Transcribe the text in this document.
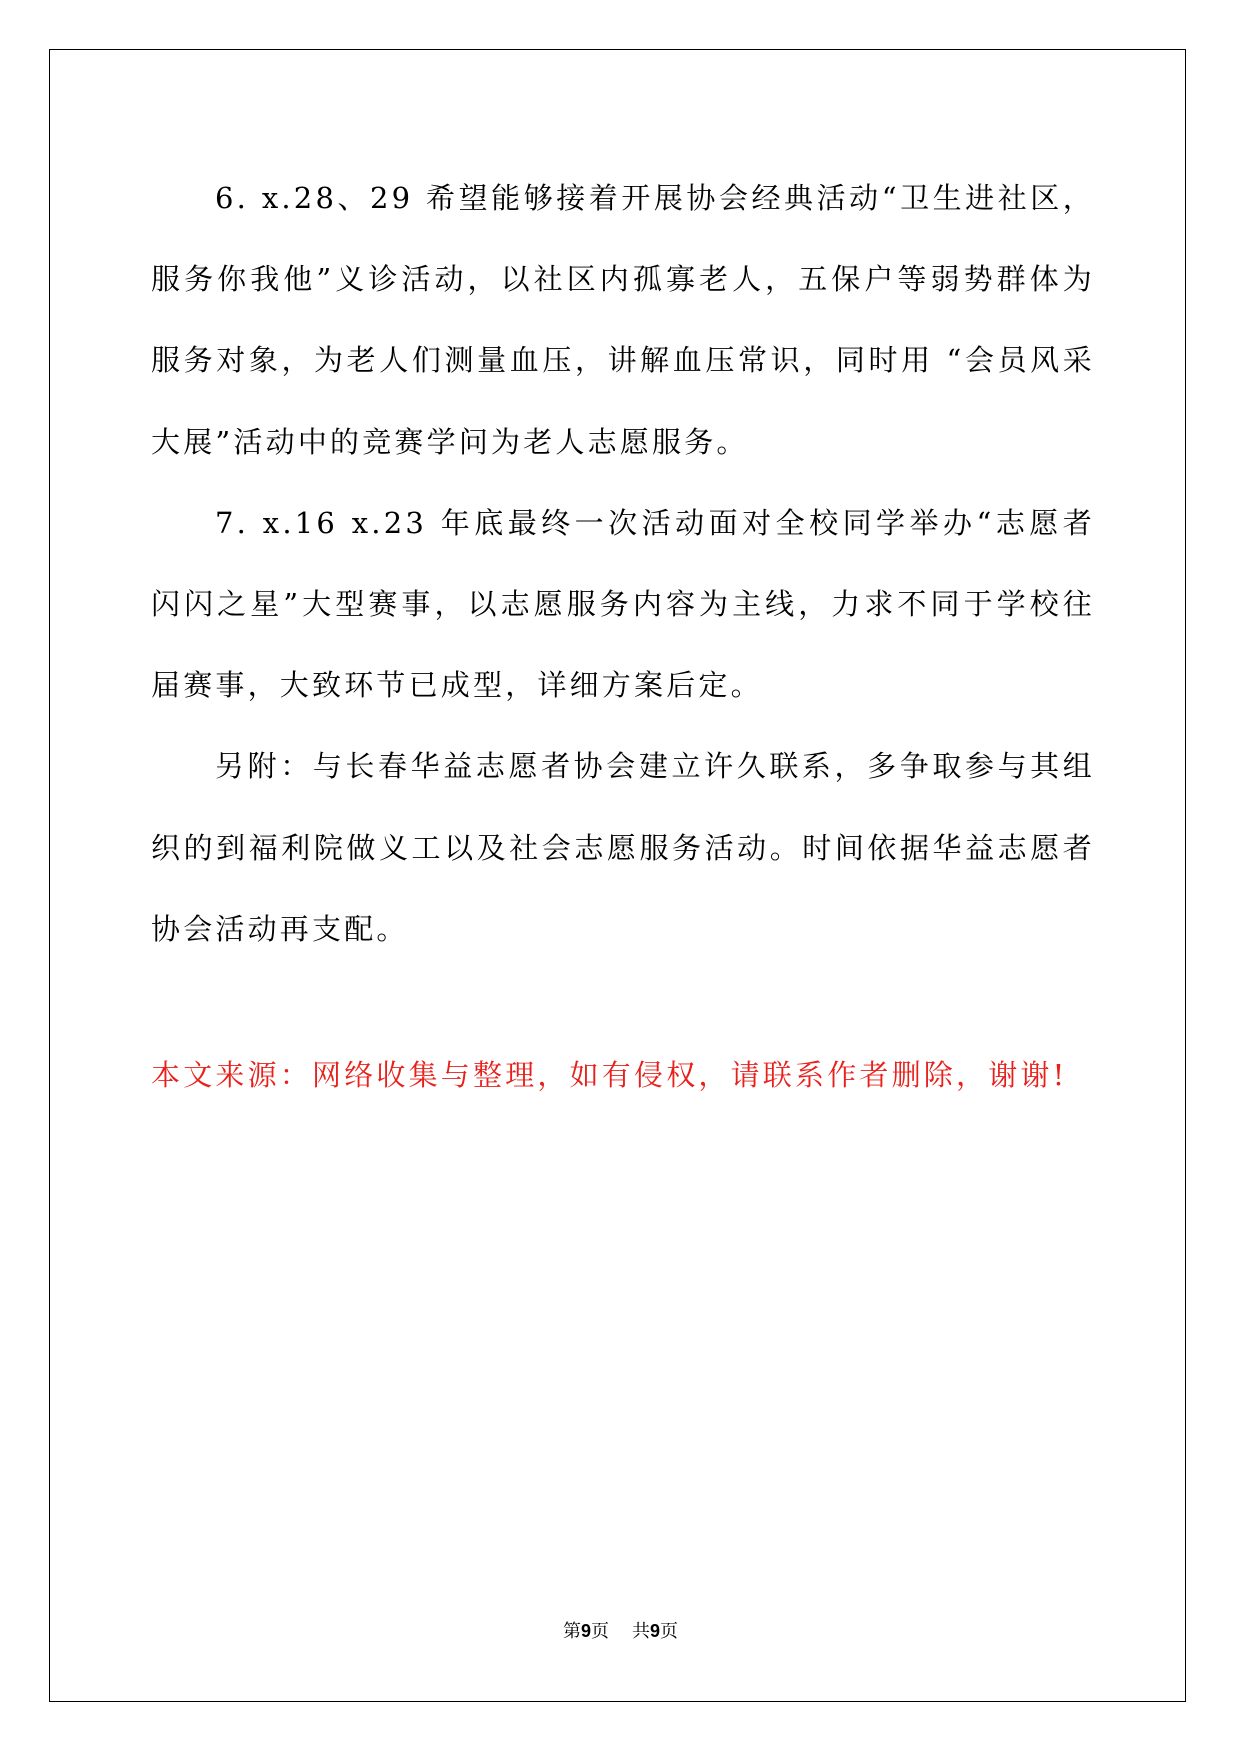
6. x.28、29 希望能够接着开展协会经典活动“卫生进社区，服务你我他”义诊活动，以社区内孤寡老人，五保户等弱势群体为服务对象，为老人们测量血压，讲解血压常识，同时用 “会员风采大展”活动中的竞赛学问为老人志愿服务。

7. x.16 x.23 年底最终一次活动面对全校同学举办“志愿者闪闪之星”大型赛事，以志愿服务内容为主线，力求不同于学校往届赛事，大致环节已成型，详细方案后定。

另附：与长春华益志愿者协会建立许久联系，多争取参与其组织的到福利院做义工以及社会志愿服务活动。时间依据华益志愿者协会活动再支配。

本文来源：网络收集与整理，如有侵权，请联系作者删除，谢谢!

第9页 共9页
